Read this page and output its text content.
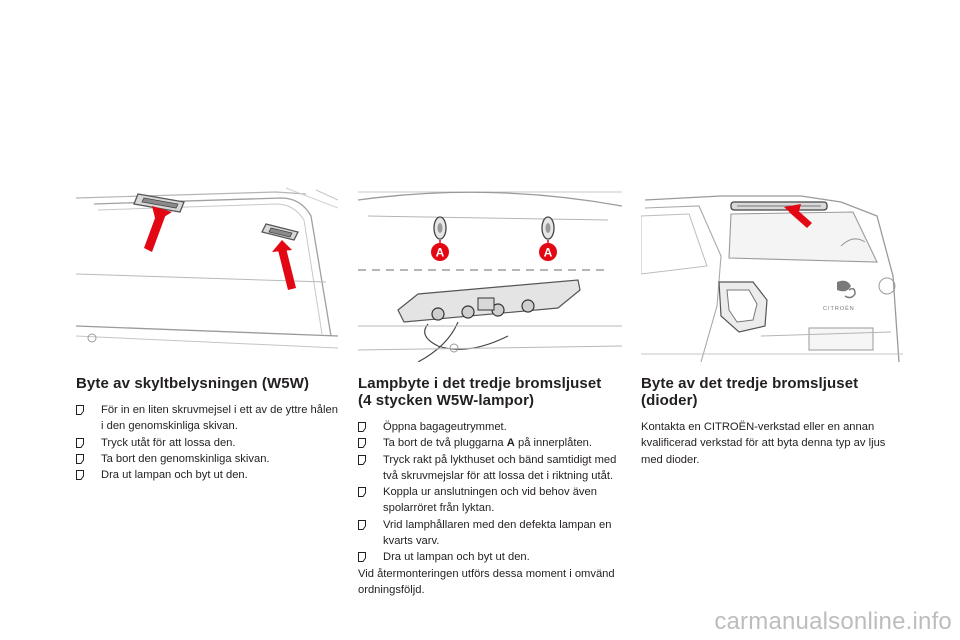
A	A
CITROËN
Byte av skyltbelysningen (W5W)
För in en liten skruvmejsel i ett av de yttre hålen i den genomskinliga skivan.
Tryck utåt för att lossa den.
Ta bort den genomskinliga skivan.
Dra ut lampan och byt ut den.
Lampbyte i det tredje bromsljuset
(4 stycken W5W-lampor)
Öppna bagageutrymmet.
Ta bort de två pluggarna A på innerplåten.
Tryck rakt på lykthuset och bänd samtidigt med två skruvmejslar för att lossa det i riktning utåt.
Koppla ur anslutningen och vid behov även spolarröret från lyktan.
Vrid lamphållaren med den defekta lampan en kvarts varv.
Dra ut lampan och byt ut den.

Vid återmonteringen utförs dessa moment i omvänd ordningsföljd.

Byte av det tredje bromsljuset
(dioder)

Kontakta en CITROËN-verkstad eller en annan kvalificerad verkstad för att byta denna typ av ljus med dioder.

carmanualsonline.info
